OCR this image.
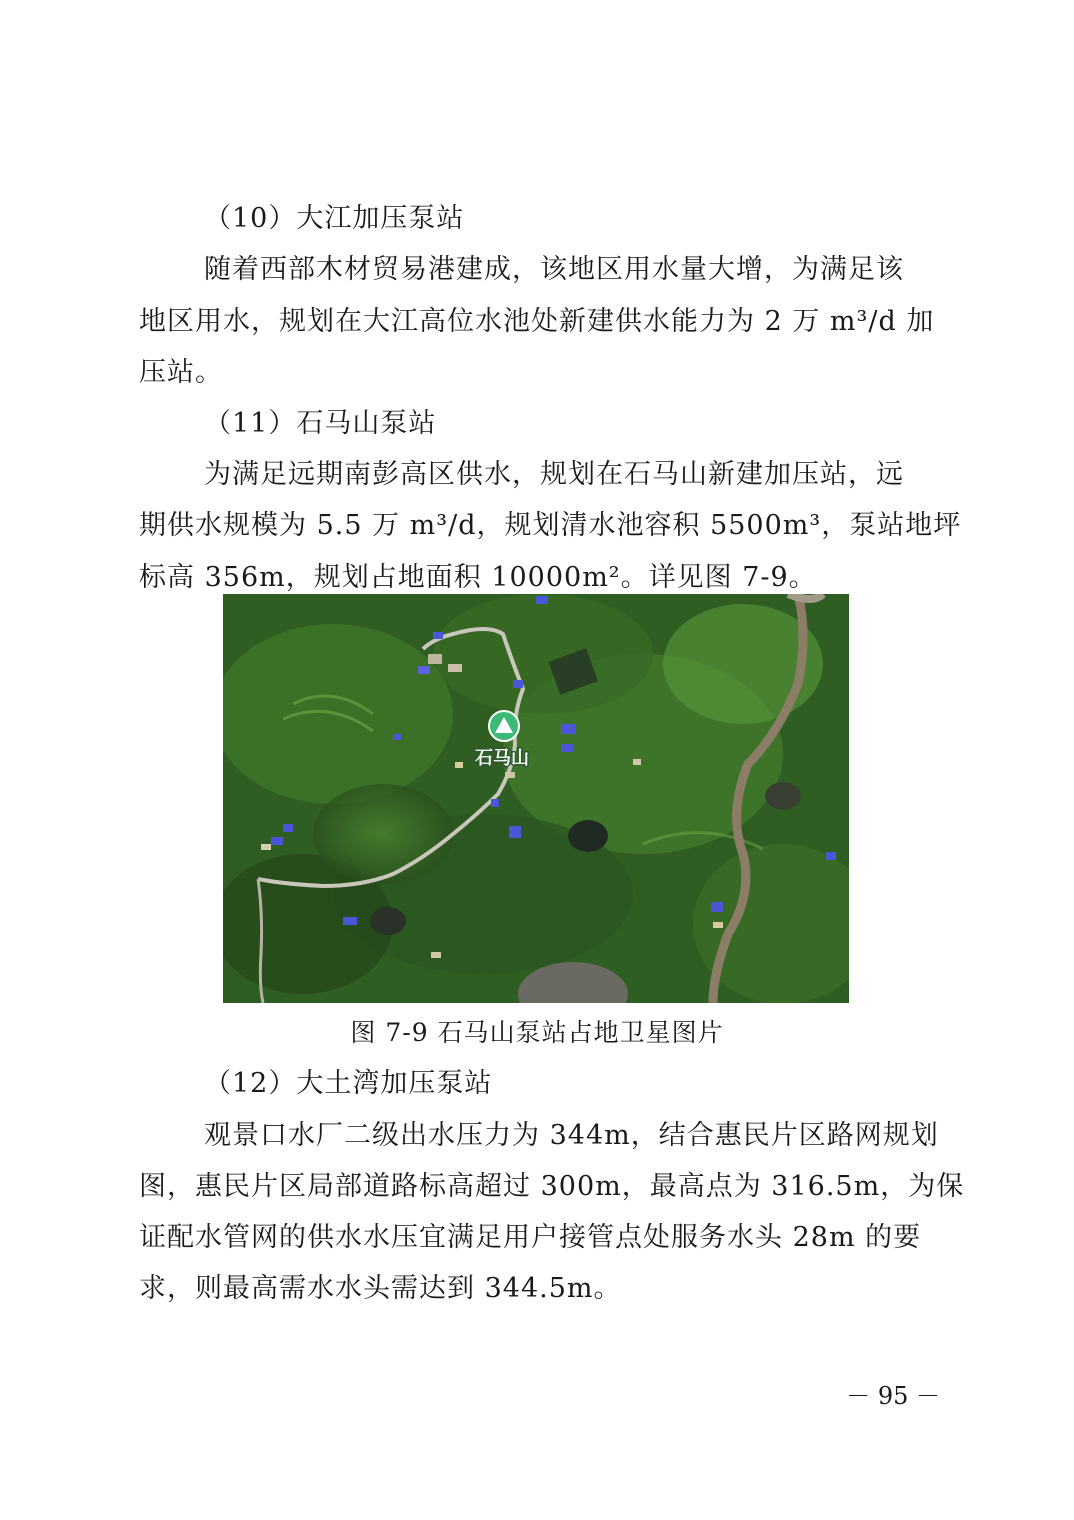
（10）大江加压泵站
随着西部木材贸易港建成，该地区用水量大增，为满足该
地区用水，规划在大江高位水池处新建供水能力为 2 万 m³/d 加
压站。
（11）石马山泵站
为满足远期南彭高区供水，规划在石马山新建加压站，远
期供水规模为 5.5 万 m³/d，规划清水池容积 5500m³，泵站地坪
标高 356m，规划占地面积 10000m²。详见图 7-9。
石马山
图 7-9 石马山泵站占地卫星图片
（12）大土湾加压泵站
观景口水厂二级出水压力为 344m，结合惠民片区路网规划
图，惠民片区局部道路标高超过 300m，最高点为 316.5m，为保
证配水管网的供水水压宜满足用户接管点处服务水头 28m 的要
求，则最高需水水头需达到 344.5m。
－ 95 －
